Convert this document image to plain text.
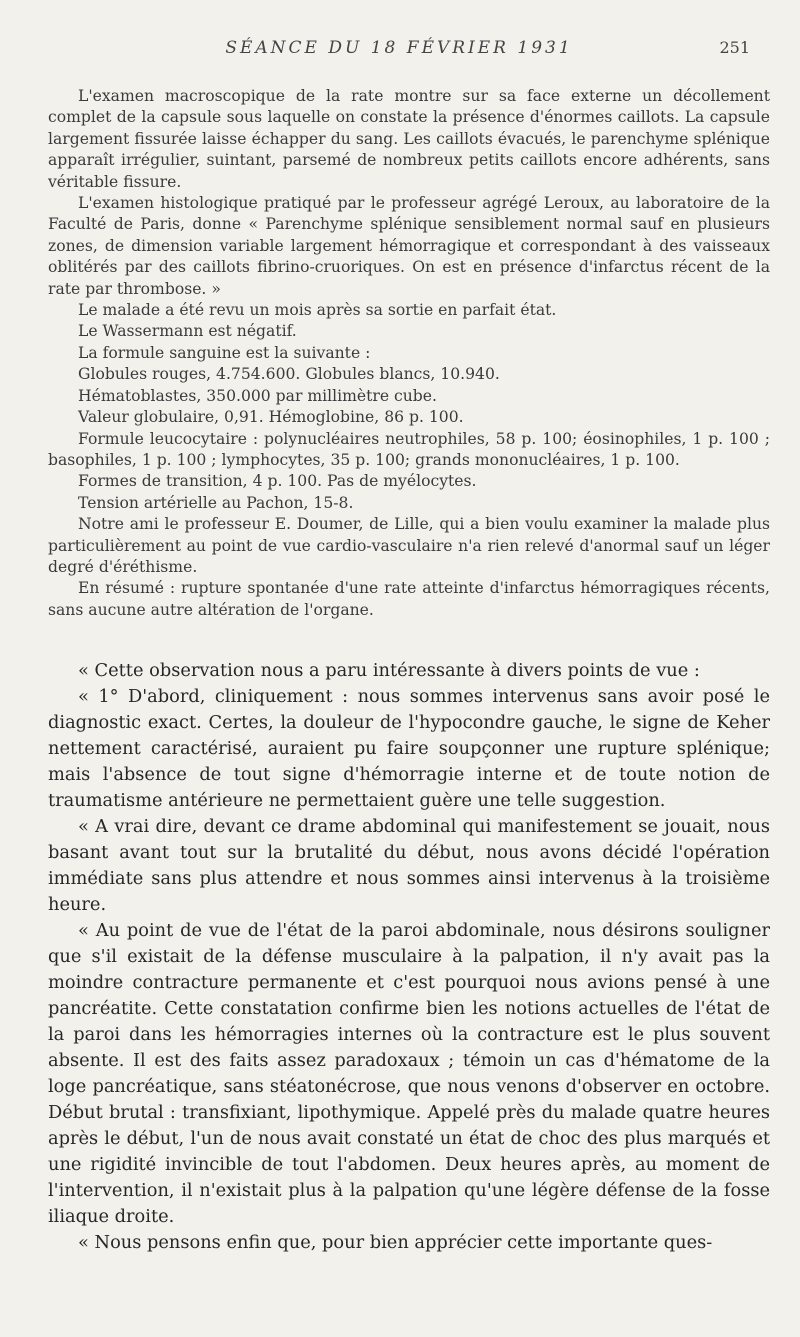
SÉANCE DU 18 FÉVRIER 1931	251

L'examen macroscopique de la rate montre sur sa face externe un décollement complet de la capsule sous laquelle on constate la présence d'énormes caillots. La capsule largement fissurée laisse échapper du sang. Les caillots évacués, le parenchyme splénique apparaît irrégulier, suintant, parsemé de nombreux petits caillots encore adhérents, sans véritable fissure.

L'examen histologique pratiqué par le professeur agrégé Leroux, au laboratoire de la Faculté de Paris, donne « Parenchyme splénique sensiblement normal sauf en plusieurs zones, de dimension variable largement hémorragique et correspondant à des vaisseaux oblitérés par des caillots fibrino-cruoriques. On est en présence d'infarctus récent de la rate par thrombose. »

Le malade a été revu un mois après sa sortie en parfait état.

Le Wassermann est négatif.

La formule sanguine est la suivante :

Globules rouges, 4.754.600. Globules blancs, 10.940.

Hématoblastes, 350.000 par millimètre cube.

Valeur globulaire, 0,91. Hémoglobine, 86 p. 100.

Formule leucocytaire : polynucléaires neutrophiles, 58 p. 100; éosinophiles, 1 p. 100 ; basophiles, 1 p. 100 ; lymphocytes, 35 p. 100; grands mononucléaires, 1 p. 100.

Formes de transition, 4 p. 100. Pas de myélocytes.

Tension artérielle au Pachon, 15-8.

Notre ami le professeur E. Doumer, de Lille, qui a bien voulu examiner la malade plus particulièrement au point de vue cardio-vasculaire n'a rien relevé d'anormal sauf un léger degré d'éréthisme.

En résumé : rupture spontanée d'une rate atteinte d'infarctus hémorragiques récents, sans aucune autre altération de l'organe.

« Cette observation nous a paru intéressante à divers points de vue :

« 1° D'abord, cliniquement : nous sommes intervenus sans avoir posé le diagnostic exact. Certes, la douleur de l'hypocondre gauche, le signe de Keher nettement caractérisé, auraient pu faire soupçonner une rupture splénique; mais l'absence de tout signe d'hémorragie interne et de toute notion de traumatisme antérieure ne permettaient guère une telle suggestion.

« A vrai dire, devant ce drame abdominal qui manifestement se jouait, nous basant avant tout sur la brutalité du début, nous avons décidé l'opération immédiate sans plus attendre et nous sommes ainsi intervenus à la troisième heure.

« Au point de vue de l'état de la paroi abdominale, nous désirons souligner que s'il existait de la défense musculaire à la palpation, il n'y avait pas la moindre contracture permanente et c'est pourquoi nous avions pensé à une pancréatite. Cette constatation confirme bien les notions actuelles de l'état de la paroi dans les hémorragies internes où la contracture est le plus souvent absente. Il est des faits assez paradoxaux ; témoin un cas d'hématome de la loge pancréatique, sans stéatonécrose, que nous venons d'observer en octobre. Début brutal : transfixiant, lipothymique. Appelé près du malade quatre heures après le début, l'un de nous avait constaté un état de choc des plus marqués et une rigidité invincible de tout l'abdomen. Deux heures après, au moment de l'intervention, il n'existait plus à la palpation qu'une légère défense de la fosse iliaque droite.

« Nous pensons enfin que, pour bien apprécier cette importante ques-
